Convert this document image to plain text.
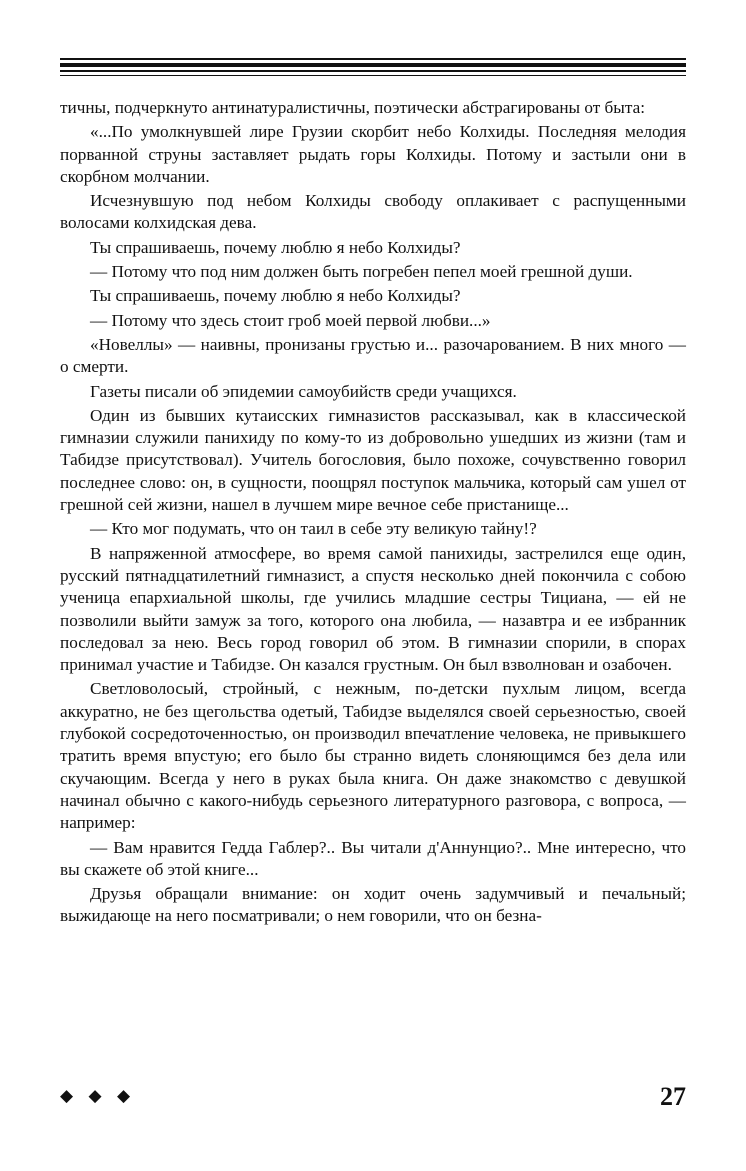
тичны, подчеркнуто антинатуралистичны, поэтически абстрагированы от быта:

«...По умолкнувшей лире Грузии скорбит небо Колхиды. Последняя мелодия порванной струны заставляет рыдать горы Колхиды. Потому и застыли они в скорбном молчании.

Исчезнувшую под небом Колхиды свободу оплакивает с распущенными волосами колхидская дева.

Ты спрашиваешь, почему люблю я небо Колхиды?

— Потому что под ним должен быть погребен пепел моей грешной души.

Ты спрашиваешь, почему люблю я небо Колхиды?

— Потому что здесь стоит гроб моей первой любви...»

«Новеллы» — наивны, пронизаны грустью и... разочарованием. В них много — о смерти.

Газеты писали об эпидемии самоубийств среди учащихся.

Один из бывших кутаисских гимназистов рассказывал, как в классической гимназии служили панихиду по кому-то из добровольно ушедших из жизни (там и Табидзе присутствовал). Учитель богословия, было похоже, сочувственно говорил последнее слово: он, в сущности, поощрял поступок мальчика, который сам ушел от грешной сей жизни, нашел в лучшем мире вечное себе пристанище...

— Кто мог подумать, что он таил в себе эту великую тайну!?

В напряженной атмосфере, во время самой панихиды, застрелился еще один, русский пятнадцатилетний гимназист, а спустя несколько дней покончила с собою ученица епархиальной школы, где учились младшие сестры Тициана, — ей не позволили выйти замуж за того, которого она любила, — назавтра и ее избранник последовал за нею. Весь город говорил об этом. В гимназии спорили, в спорах принимал участие и Табидзе. Он казался грустным. Он был взволнован и озабочен.

Светловолосый, стройный, с нежным, по-детски пухлым лицом, всегда аккуратно, не без щегольства одетый, Табидзе выделялся своей серьезностью, своей глубокой сосредоточенностью, он производил впечатление человека, не привыкшего тратить время впустую; его было бы странно видеть слоняющимся без дела или скучающим. Всегда у него в руках была книга. Он даже знакомство с девушкой начинал обычно с какого-нибудь серьезного литературного разговора, с вопроса, — например:

— Вам нравится Гедда Габлер?.. Вы читали д'Аннунцио?.. Мне интересно, что вы скажете об этой книге...

Друзья обращали внимание: он ходит очень задумчивый и печальный; выжидающе на него посматривали; о нем говорили, что он безна-

◆ ◆ ◆	27
